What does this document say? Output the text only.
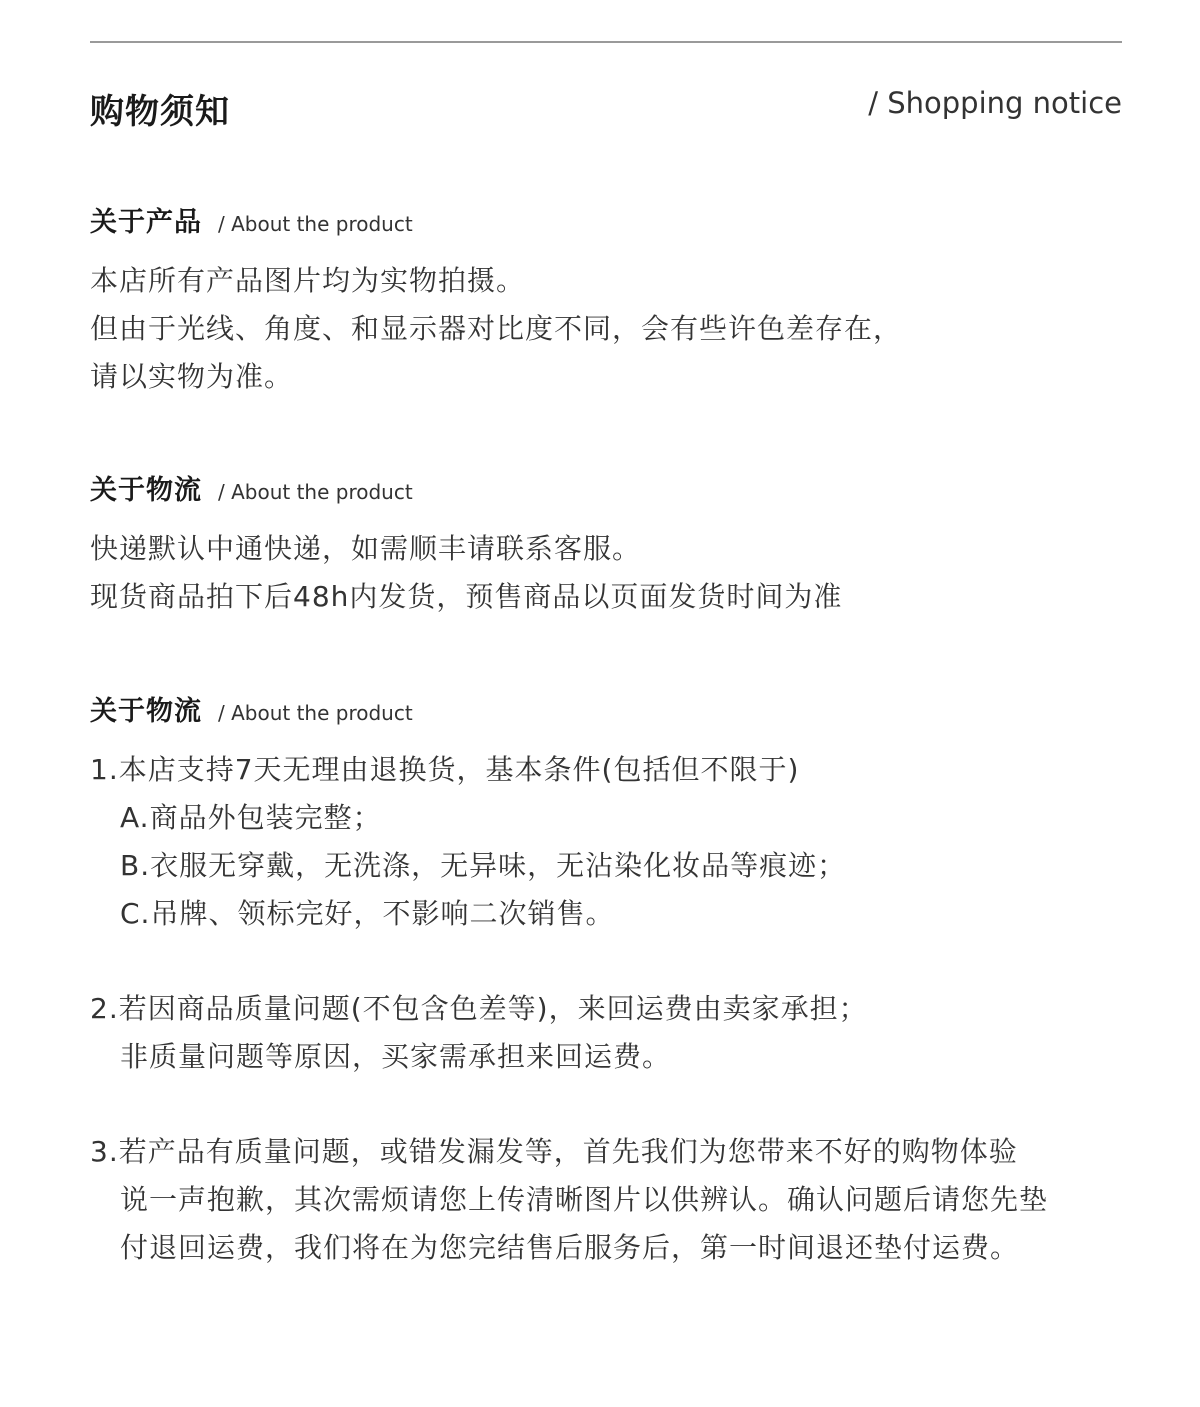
购物须知	/ Shopping notice
关于产品 / About the product
本店所有产品图片均为实物拍摄。
但由于光线、角度、和显示器对比度不同，会有些许色差存在，
请以实物为准。
关于物流 / About the product
快递默认中通快递，如需顺丰请联系客服。
现货商品拍下后48h内发货，预售商品以页面发货时间为准
关于物流 / About the product
1.本店支持7天无理由退换货，基本条件(包括但不限于)
A.商品外包装完整；
B.衣服无穿戴，无洗涤，无异味，无沾染化妆品等痕迹；
C.吊牌、领标完好，不影响二次销售。
2.若因商品质量问题(不包含色差等)，来回运费由卖家承担；
非质量问题等原因，买家需承担来回运费。
3.若产品有质量问题，或错发漏发等，首先我们为您带来不好的购物体验
说一声抱歉，其次需烦请您上传清晰图片以供辨认。确认问题后请您先垫
付退回运费，我们将在为您完结售后服务后，第一时间退还垫付运费。
